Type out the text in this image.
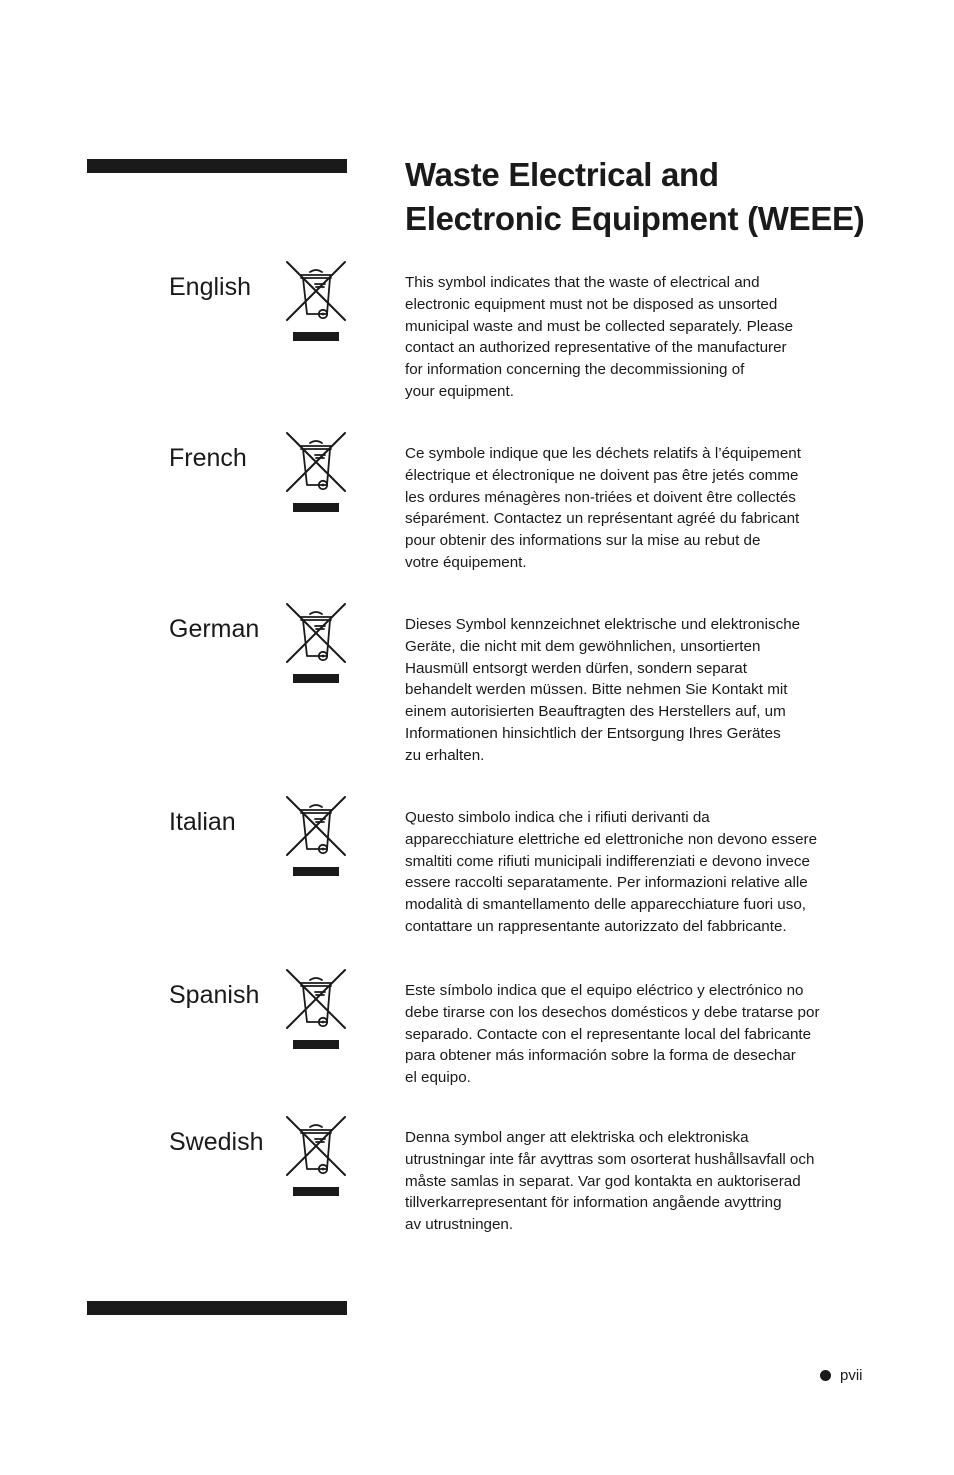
Waste Electrical and
Electronic Equipment (WEEE)
English	This symbol indicates that the waste of electrical and
electronic equipment must not be disposed as unsorted
municipal waste and must be collected separately. Please
contact an authorized representative of the manufacturer
for information concerning the decommissioning of
your equipment.

French	Ce symbole indique que les déchets relatifs à l’équipement
électrique et électronique ne doivent pas être jetés comme
les ordures ménagères non-triées et doivent être collectés
séparément. Contactez un représentant agréé du fabricant
pour obtenir des informations sur la mise au rebut de
votre équipement.

German	Dieses Symbol kennzeichnet elektrische und elektronische
Geräte, die nicht mit dem gewöhnlichen, unsortierten
Hausmüll entsorgt werden dürfen, sondern separat
behandelt werden müssen. Bitte nehmen Sie Kontakt mit
einem autorisierten Beauftragten des Herstellers auf, um
Informationen hinsichtlich der Entsorgung Ihres Gerätes
zu erhalten.

Italian	Questo simbolo indica che i rifiuti derivanti da
apparecchiature elettriche ed elettroniche non devono essere
smaltiti come rifiuti municipali indifferenziati e devono invece
essere raccolti separatamente. Per informazioni relative alle
modalità di smantellamento delle apparecchiature fuori uso,
contattare un rappresentante autorizzato del fabbricante.

Spanish	Este símbolo indica que el equipo eléctrico y electrónico no
debe tirarse con los desechos domésticos y debe tratarse por
separado. Contacte con el representante local del fabricante
para obtener más información sobre la forma de desechar
el equipo.

Swedish	Denna symbol anger att elektriska och elektroniska
utrustningar inte får avyttras som osorterat hushållsavfall och
måste samlas in separat. Var god kontakta en auktoriserad
tillverkarrepresentant för information angående avyttring
av utrustningen.

pvii
